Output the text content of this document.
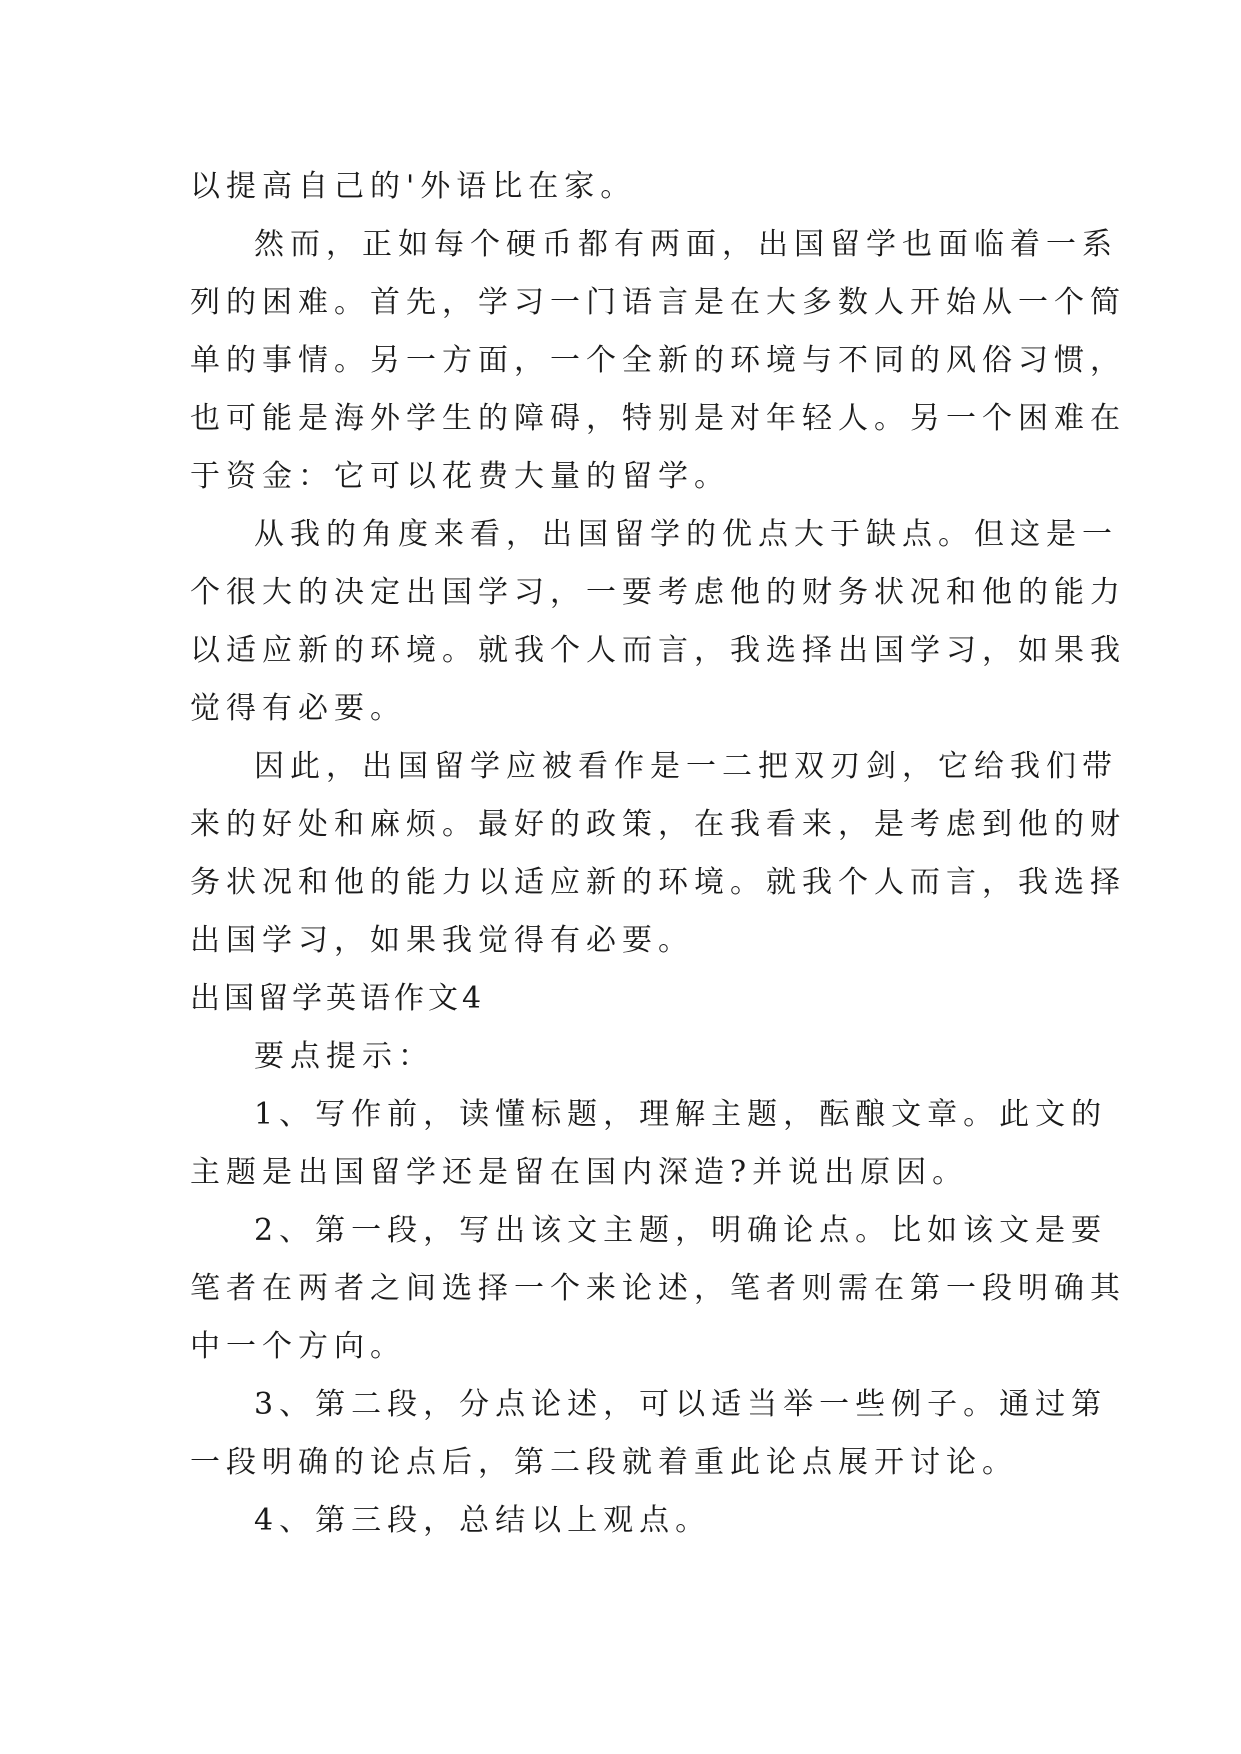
以提高自己的'外语比在家。
然而，正如每个硬币都有两面，出国留学也面临着一系
列的困难。首先，学习一门语言是在大多数人开始从一个简
单的事情。另一方面，一个全新的环境与不同的风俗习惯，
也可能是海外学生的障碍，特别是对年轻人。另一个困难在
于资金：它可以花费大量的留学。
从我的角度来看，出国留学的优点大于缺点。但这是一
个很大的决定出国学习，一要考虑他的财务状况和他的能力
以适应新的环境。就我个人而言，我选择出国学习，如果我
觉得有必要。
因此，出国留学应被看作是一二把双刃剑，它给我们带
来的好处和麻烦。最好的政策，在我看来，是考虑到他的财
务状况和他的能力以适应新的环境。就我个人而言，我选择
出国学习，如果我觉得有必要。
出国留学英语作文4
要点提示：
1、写作前，读懂标题，理解主题，酝酿文章。此文的
主题是出国留学还是留在国内深造?并说出原因。
2、第一段，写出该文主题，明确论点。比如该文是要
笔者在两者之间选择一个来论述，笔者则需在第一段明确其
中一个方向。
3、第二段，分点论述，可以适当举一些例子。通过第
一段明确的论点后，第二段就着重此论点展开讨论。
4、第三段，总结以上观点。
